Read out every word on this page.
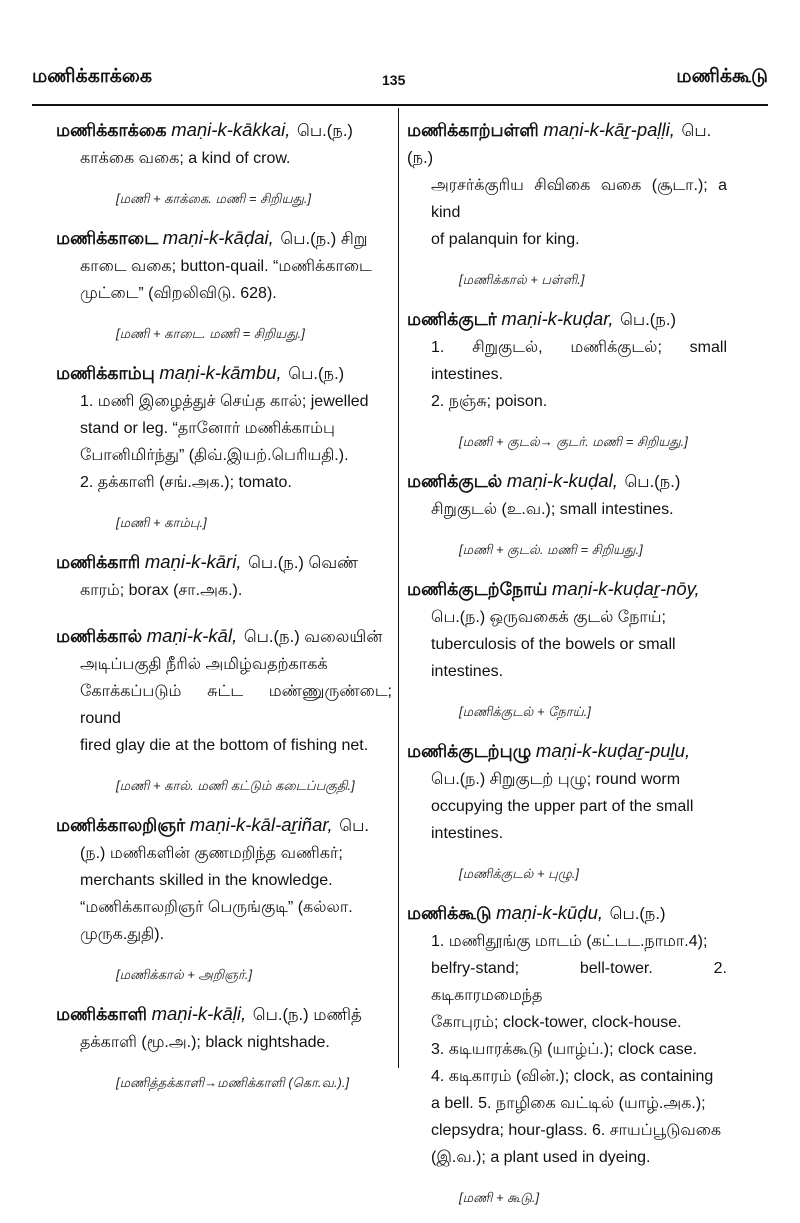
மணிக்காக்கை	135	மணிக்கூடு
மணிக்காக்கை maṇi-k-kākkai, பெ.(ந.)
காக்கை வகை; a kind of crow.
[மணி + காக்கை. மணி = சிறியது.]
மணிக்காடை maṇi-k-kāḍai, பெ.(ந.) சிறு
காடை வகை; button-quail. “மணிக்காடை
முட்டை” (விறலிவிடு. 628).
[மணி + காடை. மணி = சிறியது.]
மணிக்காம்பு maṇi-k-kāmbu, பெ.(ந.)
1. மணி இழைத்துச் செய்த கால்; jewelled
stand or leg. “தானோர் மணிக்காம்பு
போனிமிர்ந்து” (திவ்.இயற்.பெரியதி.).
2. தக்காளி (சங்.அக.); tomato.
[மணி + காம்பு.]
மணிக்காரி maṇi-k-kāri, பெ.(ந.) வெண்
காரம்; borax (சா.அக.).
மணிக்கால் maṇi-k-kāl, பெ.(ந.) வலையின்
அடிப்பகுதி நீரில் அமிழ்வதற்காகக்
கோக்கப்படும் சுட்ட மண்ணுருண்டை; round
fired glay die at the bottom of fishing net.
[மணி + கால். மணி கட்டும் கடைப்பகுதி.]
மணிக்காலறிஞர் maṇi-k-kāl-aṟiñar, பெ.
(ந.) மணிகளின் குணமறிந்த வணிகர்;
merchants skilled in the knowledge.
“மணிக்காலறிஞர் பெருங்குடி” (கல்லா.
முருக.துதி).
[மணிக்கால் + அறிஞர்.]
மணிக்காளி maṇi-k-kāḷi, பெ.(ந.) மணித்
தக்காளி (மூ.அ.); black nightshade.
[மணித்தக்காளி→மணிக்காளி (கொ.வ.).]
மணிக்காற்பள்ளி maṇi-k-kāṟ-paḷḷi, பெ.(ந.)
அரசர்க்குரிய சிவிகை வகை (சூடா.); a kind
of palanquin for king.
[மணிக்கால் + பள்ளி.]
மணிக்குடர் maṇi-k-kuḍar, பெ.(ந.)
1. சிறுகுடல், மணிக்குடல்; small intestines.
2. நஞ்சு; poison.
[மணி + குடல்→ குடர். மணி = சிறியது.]
மணிக்குடல் maṇi-k-kuḍal, பெ.(ந.)
சிறுகுடல் (உ.வ.); small intestines.
[மணி + குடல். மணி = சிறியது.]
மணிக்குடற்நோய் maṇi-k-kuḍaṟ-nōy,
பெ.(ந.) ஒருவகைக் குடல் நோய்;
tuberculosis of the bowels or small
intestines.
[மணிக்குடல் + நோய்.]
மணிக்குடற்புழு maṇi-k-kuḍaṟ-puḻu,
பெ.(ந.) சிறுகுடற் புழு; round worm
occupying the upper part of the small
intestines.
[மணிக்குடல் + புழு.]
மணிக்கூடு maṇi-k-kūḍu, பெ.(ந.)
1. மணிதூங்கு மாடம் (கட்டட.நாமா.4);
belfry-stand; bell-tower. 2. கடிகாரமமைந்த
கோபுரம்; clock-tower, clock-house.
3. கடியாரக்கூடு (யாழ்ப்.); clock case.
4. கடிகாரம் (வின்.); clock, as containing
a bell. 5. நாழிகை வட்டில் (யாழ்.அக.);
clepsydra; hour-glass. 6. சாயப்பூடுவகை
(இ.வ.); a plant used in dyeing.
[மணி + கூடு.]
